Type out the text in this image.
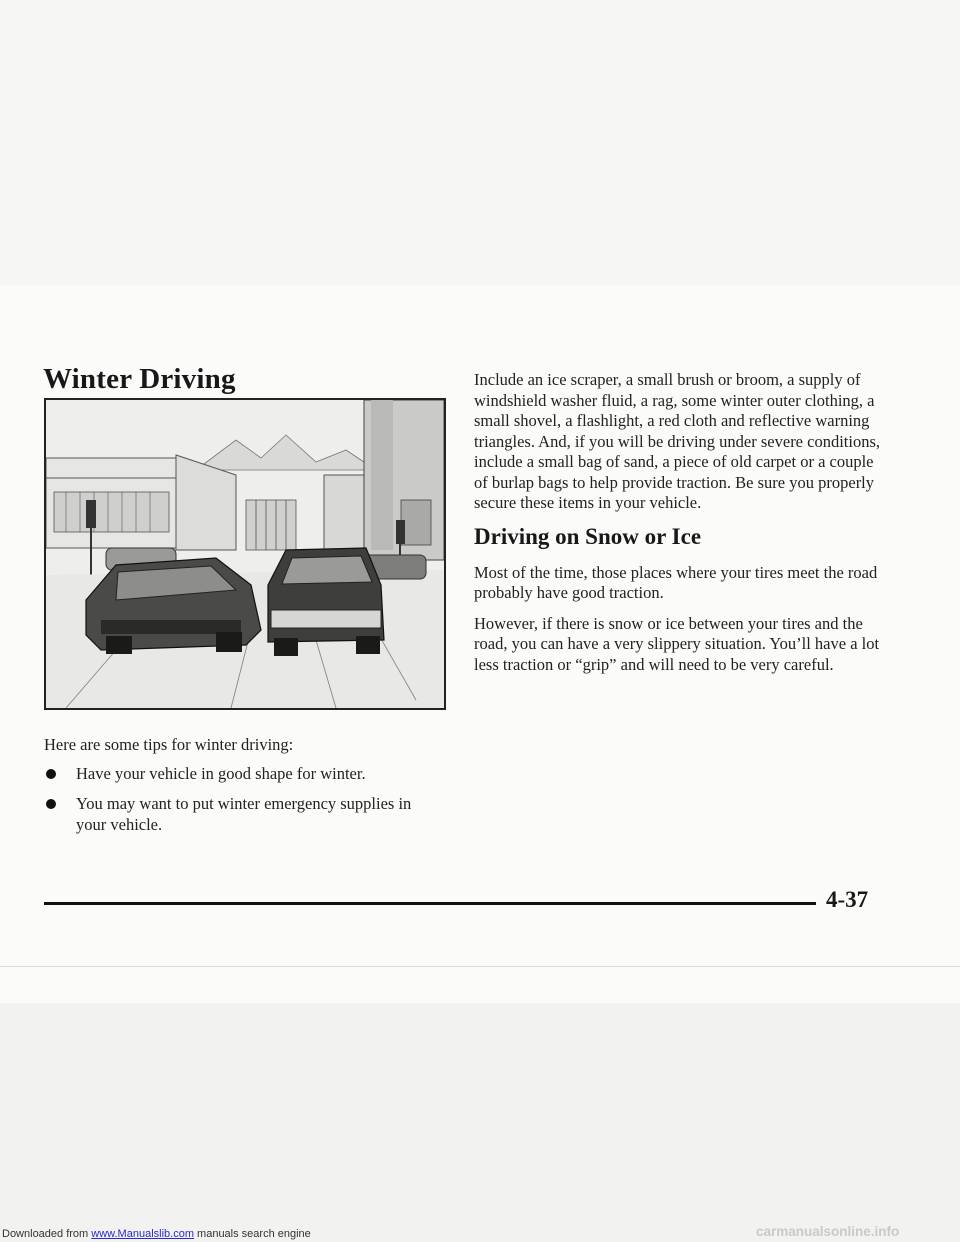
Winter Driving

Here are some tips for winter driving:

Have your vehicle in good shape for winter.
You may want to put winter emergency supplies in your vehicle.

Include an ice scraper, a small brush or broom, a supply of windshield washer fluid, a rag, some winter outer clothing, a small shovel, a flashlight, a red cloth and reflective warning triangles. And, if you will be driving under severe conditions, include a small bag of sand, a piece of old carpet or a couple of burlap bags to help provide traction. Be sure you properly secure these items in your vehicle.

Driving on Snow or Ice

Most of the time, those places where your tires meet the road probably have good traction.

However, if there is snow or ice between your tires and the road, you can have a very slippery situation. You’ll have a lot less traction or “grip” and will need to be very careful.

4-37

Downloaded from www.Manualslib.com manuals search engine	carmanualsonline.info
